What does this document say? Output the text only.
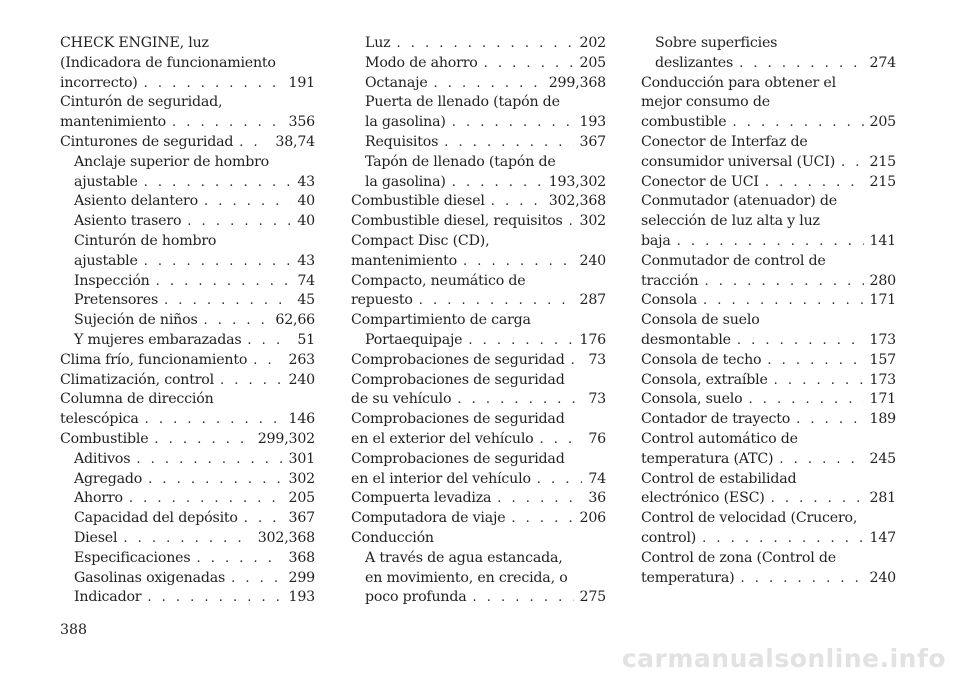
CHECK ENGINE, luz
(Indicadora de funcionamiento
incorrecto) . . .	191
Cinturón de seguridad,
mantenimiento . . .	356
Cinturones de seguridad . . .	38,74
Anclaje superior de hombro
ajustable . . .	43
Asiento delantero . . .	40
Asiento trasero . . .	40
Cinturón de hombro
ajustable . . .	43
Inspección . . .	74
Pretensores . . .	45
Sujeción de niños . . .	62,66
Y mujeres embarazadas . . .	51
Clima frío, funcionamiento . . .	263
Climatización, control . . .	240
Columna de dirección
telescópica . . .	146
Combustible . . .	299,302
Aditivos . . .	301
Agregado . . .	302
Ahorro . . .	205
Capacidad del depósito . . .	367
Diesel . . .	302,368
Especificaciones . . .	368
Gasolinas oxigenadas . . .	299
Indicador . . .	193
Luz . . .	202
Modo de ahorro . . .	205
Octanaje . . .	299,368
Puerta de llenado (tapón de
la gasolina) . . .	193
Requisitos . . .	367
Tapón de llenado (tapón de
la gasolina) . . .	193,302
Combustible diesel . . .	302,368
Combustible diesel, requisitos . . . 302
Compact Disc (CD),
mantenimiento . . .	240
Compacto, neumático de
repuesto . . .	287
Compartimiento de carga
Portaequipaje . . .	176
Comprobaciones de seguridad . . . 73
Comprobaciones de seguridad
de su vehículo . . .	73
Comprobaciones de seguridad
en el exterior del vehículo . . .	76
Comprobaciones de seguridad
en el interior del vehículo . . .	74
Compuerta levadiza . . .	36
Computadora de viaje . . .	206
Conducción
A través de agua estancada,
en movimiento, en crecida, o
poco profunda . . .	275
Sobre superficies
deslizantes . . .	274
Conducción para obtener el
mejor consumo de
combustible . . .	205
Conector de Interfaz de
consumidor universal (UCI) . . . 215
Conector de UCI . . .	215
Conmutador (atenuador) de
selección de luz alta y luz
baja . . .	141
Conmutador de control de
tracción . . .	280
Consola . . .	171
Consola de suelo
desmontable . . .	173
Consola de techo . . .	157
Consola, extraíble . . .	173
Consola, suelo . . .	171
Contador de trayecto . . .	189
Control automático de
temperatura (ATC) . . .	245
Control de estabilidad
electrónico (ESC) . . .	281
Control de velocidad (Crucero,
control) . . .	147
Control de zona (Control de
temperatura) . . .	240
388
carmanualsonline.info
